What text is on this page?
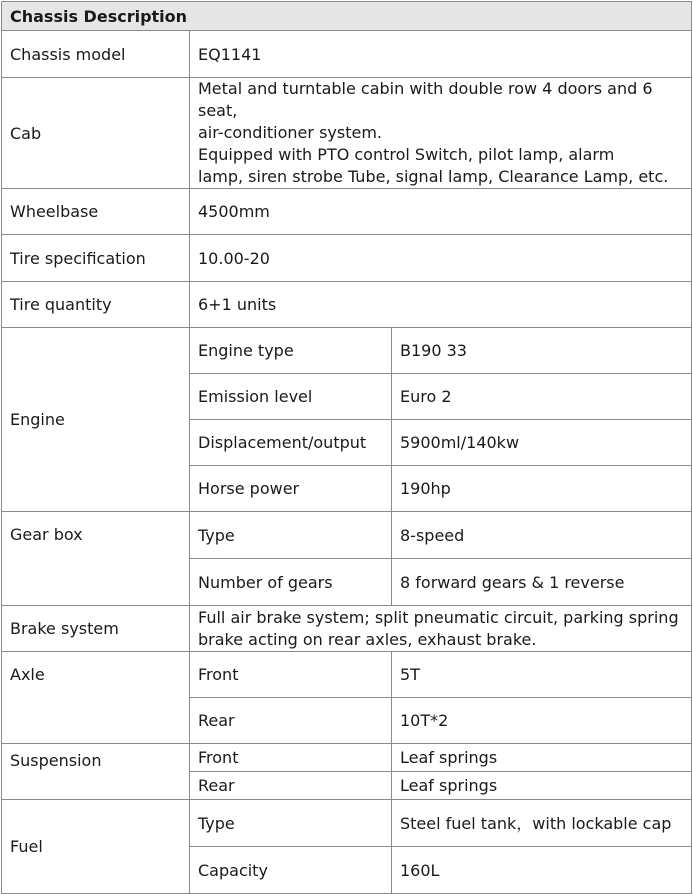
Chassis Description		
Chassis model	EQ1141	
Cab	Metal and turntable cabin with double row 4 doors and 6 seat,
air-conditioner system.
Equipped with PTO control Switch, pilot lamp, alarm
lamp, siren strobe Tube, signal lamp, Clearance Lamp, etc.	

Wheelbase	4500mm	
Tire specification	10.00-20	
Tire quantity	6+1 units	
Engine	Engine type	B190 33
	Emission level	Euro 2
	Displacement/output	5900ml/140kw
	Horse power	190hp
Gear box	Type	8-speed
	Number of gears	8 forward gears & 1 reverse
Brake system	Full air brake system; split pneumatic circuit, parking spring
brake acting on rear axles, exhaust brake.	

Axle	Front	5T
	Rear	10T*2
Suspension	Front	Leaf springs
	Rear	Leaf springs
Fuel	Type	Steel fuel tank，with lockable cap
	Capacity	160L
